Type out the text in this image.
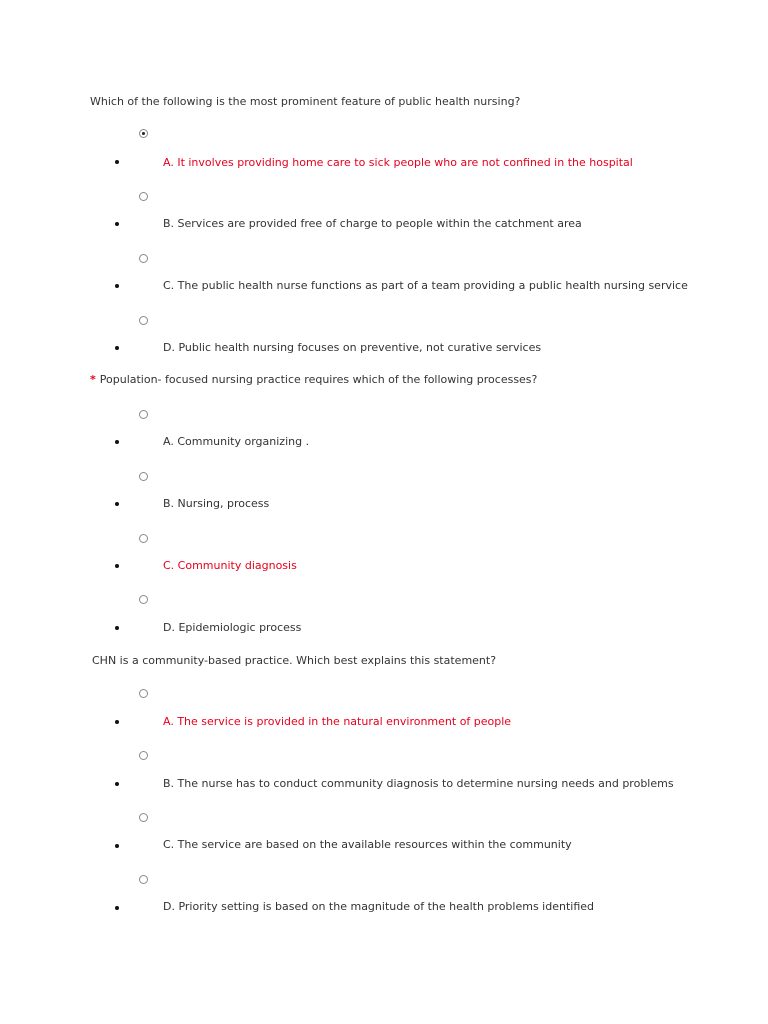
Which of the following is the most prominent feature of public health nursing?
A. It involves providing home care to sick people who are not confined in the hospital
B. Services are provided free of charge to people within the catchment area
C. The public health nurse functions as part of a team providing a public health nursing service
D. Public health nursing focuses on preventive, not curative services
* Population- focused nursing practice requires which of the following processes?
A. Community organizing .
B. Nursing, process
C. Community diagnosis
D. Epidemiologic process
CHN is a community-based practice. Which best explains this statement?
A. The service is provided in the natural environment of people
B. The nurse has to conduct community diagnosis to determine nursing needs and problems
C. The service are based on the available resources within the community
D. Priority setting is based on the magnitude of the health problems identified
